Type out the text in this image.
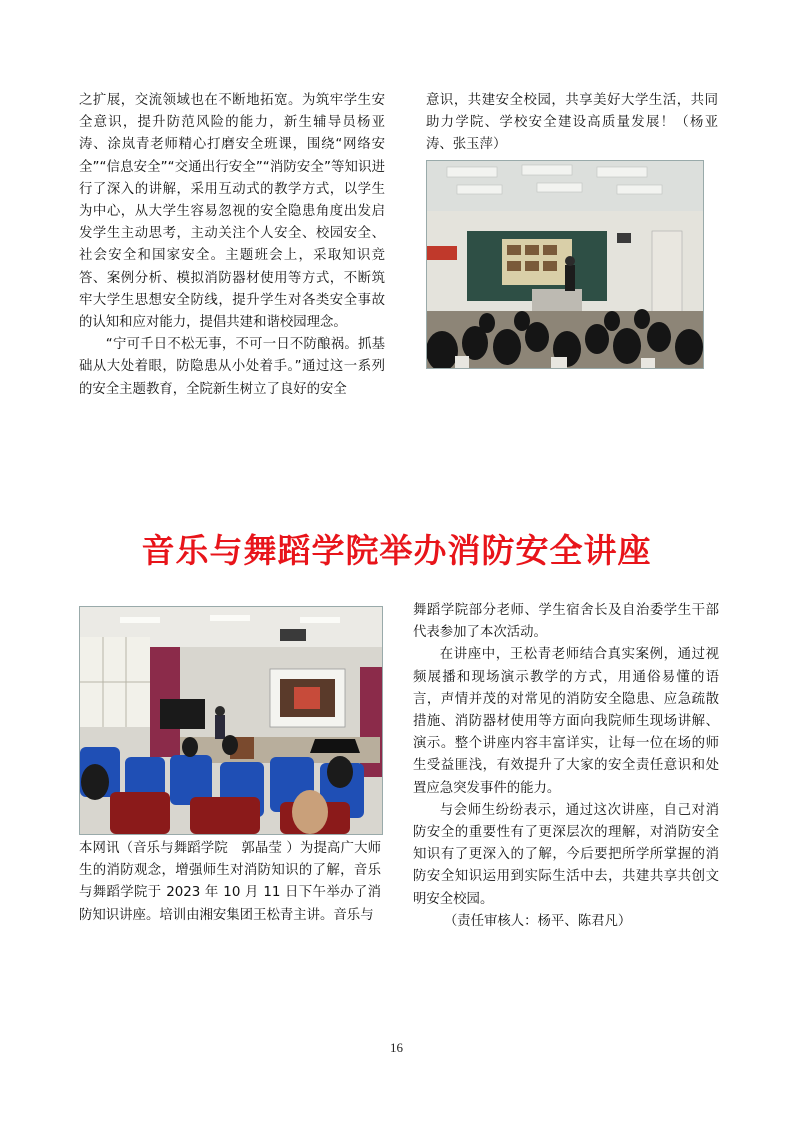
之扩展，交流领域也在不断地拓宽。为筑牢学生安全意识，提升防范风险的能力，新生辅导员杨亚涛、涂岚青老师精心打磨安全班课，围绕“网络安全”“信息安全”“交通出行安全”“消防安全”等知识进行了深入的讲解，采用互动式的教学方式，以学生为中心，从大学生容易忽视的安全隐患角度出发启发学生主动思考，主动关注个人安全、校园安全、社会安全和国家安全。主题班会上，采取知识竞答、案例分析、模拟消防器材使用等方式，不断筑牢大学生思想安全防线，提升学生对各类安全事故的认知和应对能力，提倡共建和谐校园理念。

“宁可千日不松无事，不可一日不防酿祸。抓基础从大处着眼，防隐患从小处着手。”通过这一系列的安全主题教育，全院新生树立了良好的安全

意识，共建安全校园，共享美好大学生活，共同助力学院、学校安全建设高质量发展！（杨亚涛、张玉萍）

音乐与舞蹈学院举办消防安全讲座

本网讯（音乐与舞蹈学院　郭晶莹 ）为提高广大师生的消防观念，增强师生对消防知识的了解，音乐与舞蹈学院于 2023 年 10 月 11 日下午举办了消防知识讲座。培训由湘安集团王松青主讲。音乐与

舞蹈学院部分老师、学生宿舍长及自治委学生干部代表参加了本次活动。

在讲座中，王松青老师结合真实案例，通过视频展播和现场演示教学的方式，用通俗易懂的语言，声情并茂的对常见的消防安全隐患、应急疏散措施、消防器材使用等方面向我院师生现场讲解、演示。整个讲座内容丰富详实，让每一位在场的师生受益匪浅，有效提升了大家的安全责任意识和处置应急突发事件的能力。

与会师生纷纷表示，通过这次讲座，自己对消防安全的重要性有了更深层次的理解，对消防安全知识有了更深入的了解，今后要把所学所掌握的消防安全知识运用到实际生活中去，共建共享共创文明安全校园。

（责任审核人：杨平、陈君凡）

16
